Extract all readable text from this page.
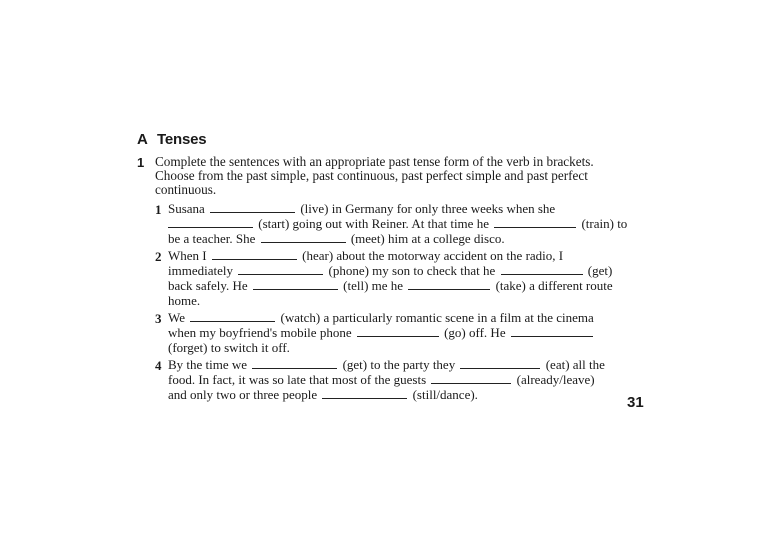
A Tenses
1 Complete the sentences with an appropriate past tense form of the verb in brackets.
Choose from the past simple, past continuous, past perfect simple and past perfect
continuous.
1 Susana	(live) in Germany for only three weeks when she
(start) going out with Reiner. At that time he	(train) to
be a teacher. She	(meet) him at a college disco.
2 When I	(hear) about the motorway accident on the radio, I
immediately	(phone) my son to check that he	(get)
back safely. He	(tell) me he	(take) a different route
home.
3 We	(watch) a particularly romantic scene in a film at the cinema
when my boyfriend's mobile phone	(go) off. He
(forget) to switch it off.
4 By the time we	(get) to the party they	(eat) all the
food. In fact, it was so late that most of the guests	(already/leave)
and only two or three people	(still/dance).	31
